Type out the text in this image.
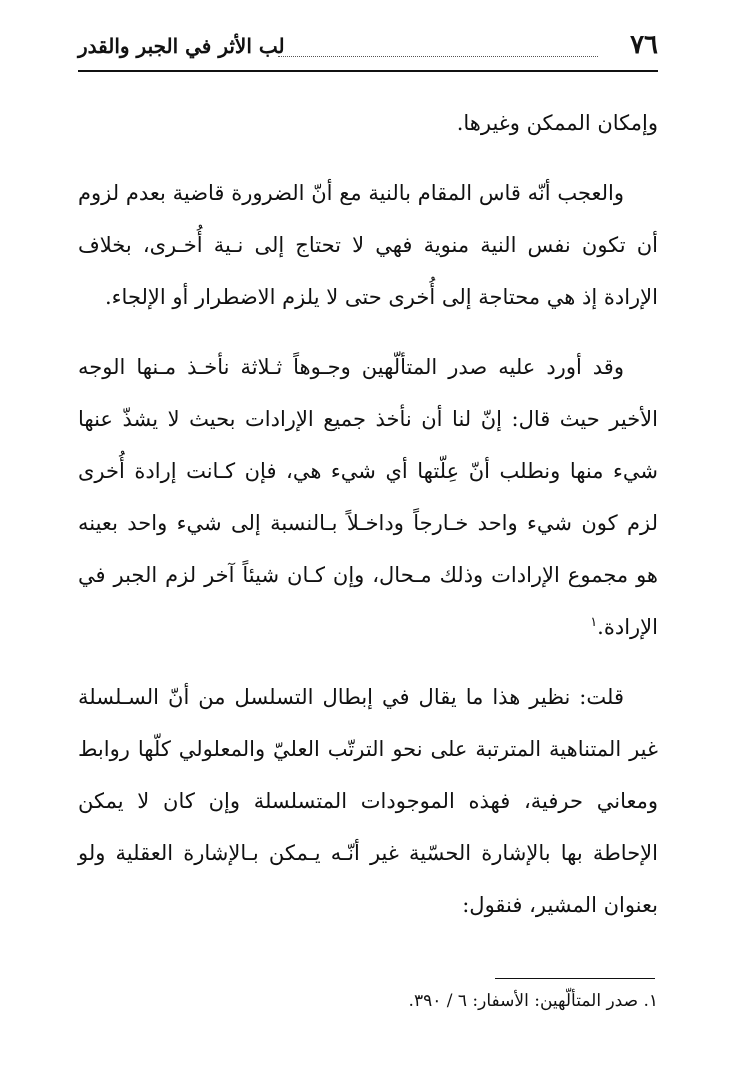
٧٦
لب الأثر في الجبر والقدر

وإمكان الممكن وغيرها.

والعجب أنّه قاس المقام بالنية مع أنّ الضرورة قاضية بعدم لزوم أن تكون نفس النية منوية فهي لا تحتاج إلى نـية أُخـرى، بخلاف الإرادة إذ هي محتاجة إلى أُخرى حتى لا يلزم الاضطرار أو الإلجاء.

وقد أورد عليه صدر المتألّهين وجـوهاً ثـلاثة نأخـذ مـنها الوجه الأخير حيث قال: إنّ لنا أن نأخذ جميع الإرادات بحيث لا يشذّ عنها شيء منها ونطلب أنّ عِلّتها أي شيء هي، فإن كـانت إرادة أُخرى لزم كون شيء واحد خـارجاً وداخـلاً بـالنسبة إلى شيء واحد بعينه هو مجموع الإرادات وذلك مـحال، وإن كـان شيئاً آخر لزم الجبر في الإرادة.$^١$

قلت: نظير هذا ما يقال في إبطال التسلسل من أنّ السـلسلة غير المتناهية المترتبة على نحو الترتّب العليّ والمعلولي كلّها روابط ومعاني حرفية، فهذه الموجودات المتسلسلة وإن كان لا يمكن الإحاطة بها بالإشارة الحسّية غير أنّـه يـمكن بـالإشارة العقلية ولو بعنوان المشير، فنقول:

١. صدر المتألّهين: الأسفار: ٦ / ٣٩٠.
